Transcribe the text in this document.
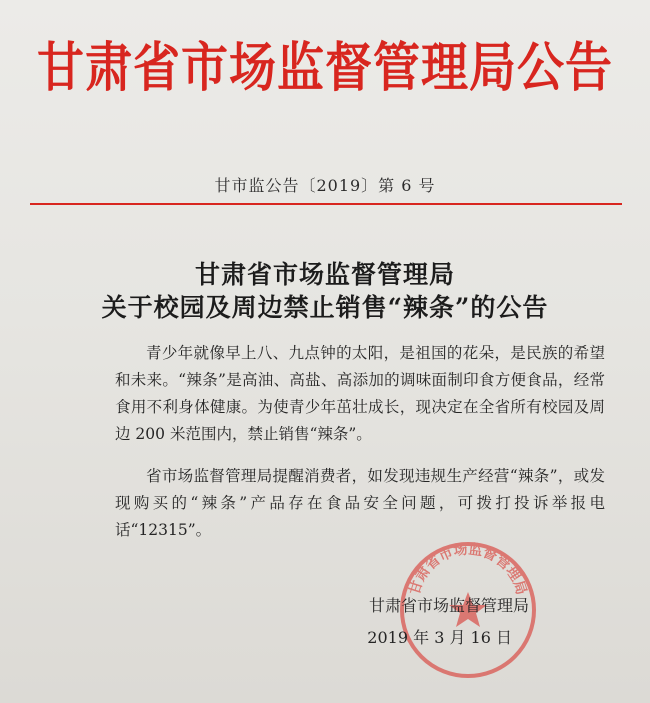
甘肃省市场监督管理局公告
甘市监公告〔2019〕第 6 号
甘肃省市场监督管理局
关于校园及周边禁止销售“辣条”的公告

青少年就像早上八、九点钟的太阳，是祖国的花朵，是民族的希望和未来。“辣条”是高油、高盐、高添加的调味面制印食方便食品，经常食用不利身体健康。为使青少年茁壮成长，现决定在全省所有校园及周边 200 米范围内，禁止销售“辣条”。

省市场监督管理局提醒消费者，如发现违规生产经营“辣条”，或发现购买的“辣条”产品存在食品安全问题，可拨打投诉举报电话“12315”。

甘肃省市场监督管理局
甘肃省市场监督管理局
2019 年 3 月 16 日
